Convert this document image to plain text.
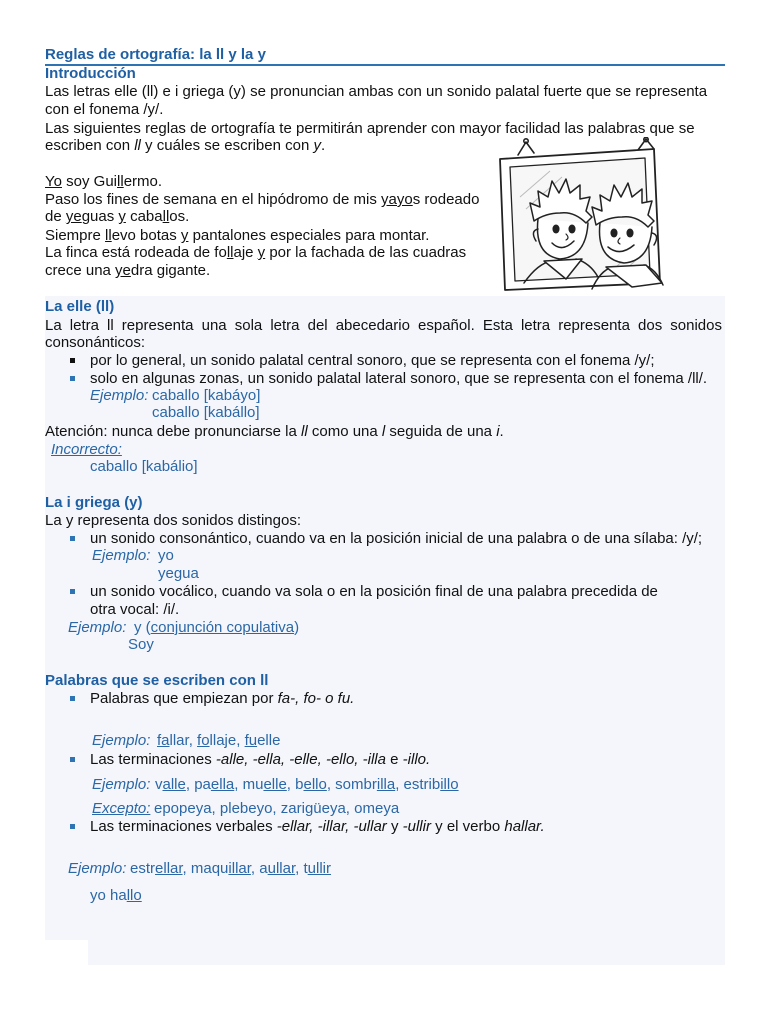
Reglas de ortografía: la ll y la y
Introducción
Las letras elle (ll) e i griega (y) se pronuncian ambas con un sonido palatal fuerte que se representa
con el fonema /y/.
Las siguientes reglas de ortografía te permitirán aprender con mayor facilidad las palabras que se
escriben con ll y cuáles se escriben con y.
Yo soy Guillermo.
Paso los fines de semana en el hipódromo de mis yayos rodeado
de yeguas y caballos.
Siempre llevo botas y pantalones especiales para montar.
La finca está rodeada de follaje y por la fachada de las cuadras
crece una yedra gigante.
La elle (ll)
La letra ll representa una sola letra del abecedario español. Esta letra representa dos sonidos
consonánticos:
por lo general, un sonido palatal central sonoro, que se representa con el fonema /y/;
solo en algunas zonas, un sonido palatal lateral sonoro, que se representa con el fonema /ll/.
Ejemplo: caballo [kabáyo]
caballo [kabállo]
Atención: nunca debe pronunciarse la ll como una l seguida de una i.
Incorrecto:
caballo [kabálio]
La i griega (y)
La y representa dos sonidos distingos:
un sonido consonántico, cuando va en la posición inicial de una palabra o de una sílaba: /y/;
Ejemplo: yo
yegua
un sonido vocálico, cuando va sola o en la posición final de una palabra precedida de
otra vocal: /i/.
Ejemplo: y (conjunción copulativa)
Soy
Palabras que se escriben con ll
Palabras que empiezan por fa-, fo- o fu.
Ejemplo: fallar, follaje, fuelle
Las terminaciones -alle, -ella, -elle, -ello, -illa e -illo.
Ejemplo: valle, paella, muelle, bello, sombrilla, estribillo
Excepto: epopeya, plebeyo, zarigüeya, omeya
Las terminaciones verbales -ellar, -illar, -ullar y -ullir y el verbo hallar.
Ejemplo: estrellar, maquillar, aullar, tullir
yo hallo
